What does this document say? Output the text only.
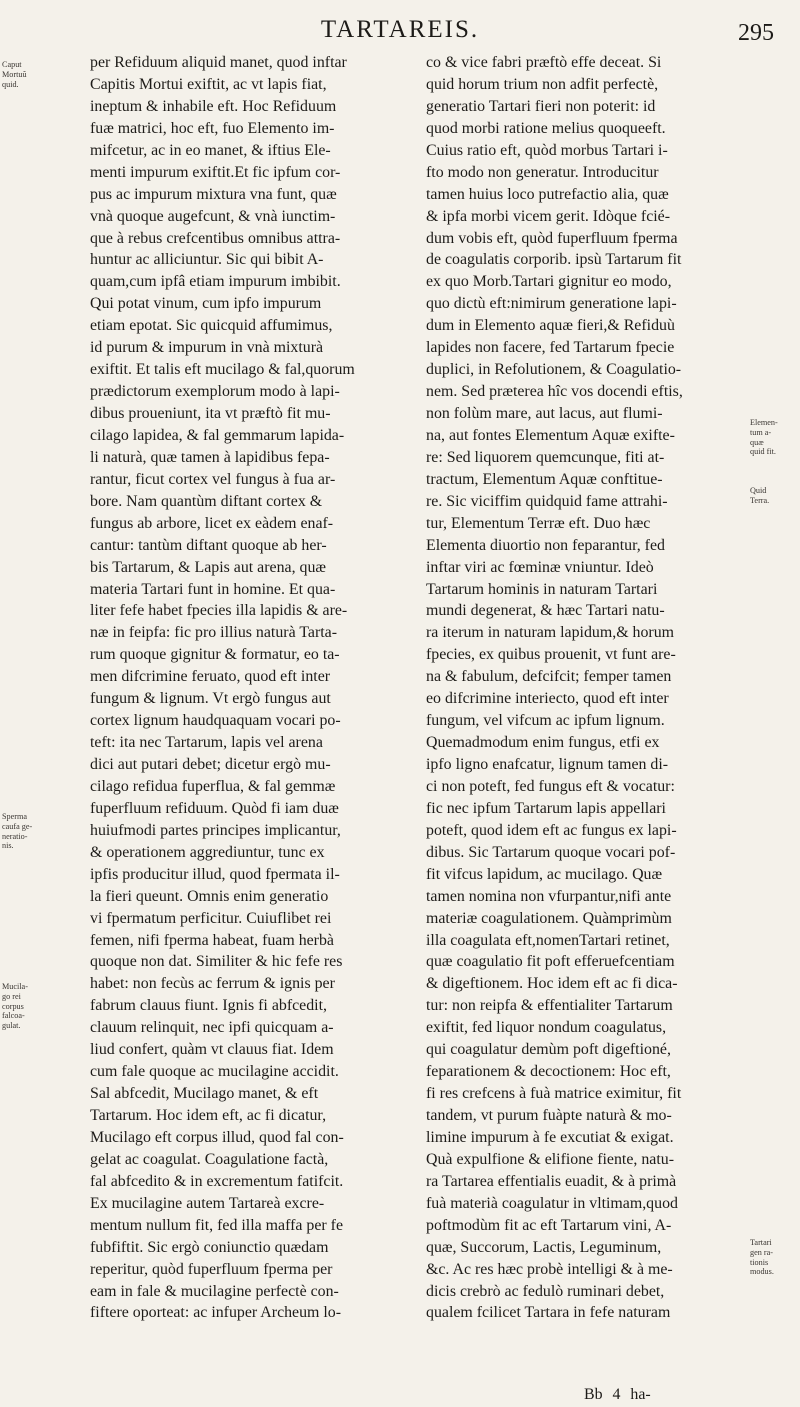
TARTAREIS.	295
Caput
Mortuũ
quid.
Sperma
caufa ge-
neratio-
nis.
Mucila-
go rei
corpus
falcoa-
gulat.
Elemen-
tum a-
quæ
quid fit.
Quid
Terra.
Tartari
gen ra-
tionis
modus.
per Refiduum aliquid manet, quod inftar
Capitis Mortui exiftit, ac vt lapis fiat,
ineptum & inhabile eft. Hoc Refiduum
fuæ matrici, hoc eft, fuo Elemento im-
mifcetur, ac in eo manet, & iftius Ele-
menti impurum exiftit.Et fic ipfum cor-
pus ac impurum mixtura vna funt, quæ
vnà quoque augefcunt, & vnà iunctim-
que à rebus crefcentibus omnibus attra-
huntur ac alliciuntur. Sic qui bibit A-
quam,cum ipfâ etiam impurum imbibit.
Qui potat vinum, cum ipfo impurum
etiam epotat. Sic quicquid affumimus,
id purum & impurum in vnà mixturà
exiftit. Et talis eft mucilago & fal,quorum
prædictorum exemplorum modo à lapi-
dibus proueniunt, ita vt præftò fit mu-
cilago lapidea, & fal gemmarum lapida-
li naturà, quæ tamen à lapidibus fepa-
rantur, ficut cortex vel fungus à fua ar-
bore. Nam quantùm diftant cortex &
fungus ab arbore, licet ex eàdem enaf-
cantur: tantùm diftant quoque ab her-
bis Tartarum, & Lapis aut arena, quæ
materia Tartari funt in homine. Et qua-
liter fefe habet fpecies illa lapidis & are-
næ in feipfa: fic pro illius naturà Tarta-
rum quoque gignitur & formatur, eo ta-
men difcrimine feruato, quod eft inter
fungum & lignum. Vt ergò fungus aut
cortex lignum haudquaquam vocari po-
teft: ita nec Tartarum, lapis vel arena
dici aut putari debet; dicetur ergò mu-
cilago refidua fuperflua, & fal gemmæ
fuperfluum refiduum. Quòd fi iam duæ
huiufmodi partes principes implicantur,
& operationem aggrediuntur, tunc ex
ipfis producitur illud, quod fpermata il-
la fieri queunt. Omnis enim generatio
vi fpermatum perficitur. Cuiuflibet rei
femen, nifi fperma habeat, fuam herbà
quoque non dat. Similiter & hic fefe res
habet: non fecùs ac ferrum & ignis per
fabrum clauus fiunt. Ignis fi abfcedit,
clauum relinquit, nec ipfi quicquam a-
liud confert, quàm vt clauus fiat. Idem
cum fale quoque ac mucilagine accidit.
Sal abfcedit, Mucilago manet, & eft
Tartarum. Hoc idem eft, ac fi dicatur,
Mucilago eft corpus illud, quod fal con-
gelat ac coagulat. Coagulatione factà,
fal abfcedito & in excrementum fatifcit.
Ex mucilagine autem Tartareà excre-
mentum nullum fit, fed illa maffa per fe
fubfiftit. Sic ergò coniunctio quædam
reperitur, quòd fuperfluum fperma per
eam in fale & mucilagine perfectè con-
fiftere oporteat: ac infuper Archeum lo-
co & vice fabri præftò effe deceat. Si
quid horum trium non adfit perfectè,
generatio Tartari fieri non poterit: id
quod morbi ratione melius quoqueeft.
Cuius ratio eft, quòd morbus Tartari i-
fto modo non generatur. Introducitur
tamen huius loco putrefactio alia, quæ
& ipfa morbi vicem gerit. Idòque fcié-
dum vobis eft, quòd fuperfluum fperma
de coagulatis corporib. ipsù Tartarum fit
ex quo Morb.Tartari gignitur eo modo,
quo dictù eft:nimirum generatione lapi-
dum in Elemento aquæ fieri,& Refiduù
lapides non facere, fed Tartarum fpecie
duplici, in Refolutionem, & Coagulatio-
nem. Sed præterea hîc vos docendi eftis,
non folùm mare, aut lacus, aut flumi-
na, aut fontes Elementum Aquæ exifte-
re: Sed liquorem quemcunque, fiti at-
tractum, Elementum Aquæ conftitue-
re. Sic viciffim quidquid fame attrahi-
tur, Elementum Terræ eft. Duo hæc
Elementa diuortio non feparantur, fed
inftar viri ac fœminæ vniuntur. Ideò
Tartarum hominis in naturam Tartari
mundi degenerat, & hæc Tartari natu-
ra iterum in naturam lapidum,& horum
fpecies, ex quibus prouenit, vt funt are-
na & fabulum, defcifcit; femper tamen
eo difcrimine interiecto, quod eft inter
fungum, vel vifcum ac ipfum lignum.
Quemadmodum enim fungus, etfi ex
ipfo ligno enafcatur, lignum tamen di-
ci non poteft, fed fungus eft & vocatur:
fic nec ipfum Tartarum lapis appellari
poteft, quod idem eft ac fungus ex lapi-
dibus. Sic Tartarum quoque vocari pof-
fit vifcus lapidum, ac mucilago. Quæ
tamen nomina non vfurpantur,nifi ante
materiæ coagulationem. Quàmprimùm
illa coagulata eft,nomenTartari retinet,
quæ coagulatio fit poft efferuefcentiam
& digeftionem. Hoc idem eft ac fi dica-
tur: non reipfa & effentialiter Tartarum
exiftit, fed liquor nondum coagulatus,
qui coagulatur demùm poft digeftioné,
feparationem & decoctionem: Hoc eft,
fi res crefcens à fuà matrice eximitur, fit
tandem, vt purum fuàpte naturà & mo-
limine impurum à fe excutiat & exigat.
Quà expulfione & elifione fiente, natu-
ra Tartarea effentialis euadit, & à primà
fuà materià coagulatur in vltimam,quod
poftmodùm fit ac eft Tartarum vini, A-
quæ, Succorum, Lactis, Leguminum,
&c. Ac res hæc probè intelligi & à me-
dicis crebrò ac fedulò ruminari debet,
qualem fcilicet Tartara in fefe naturam
Bb 4 ha-
